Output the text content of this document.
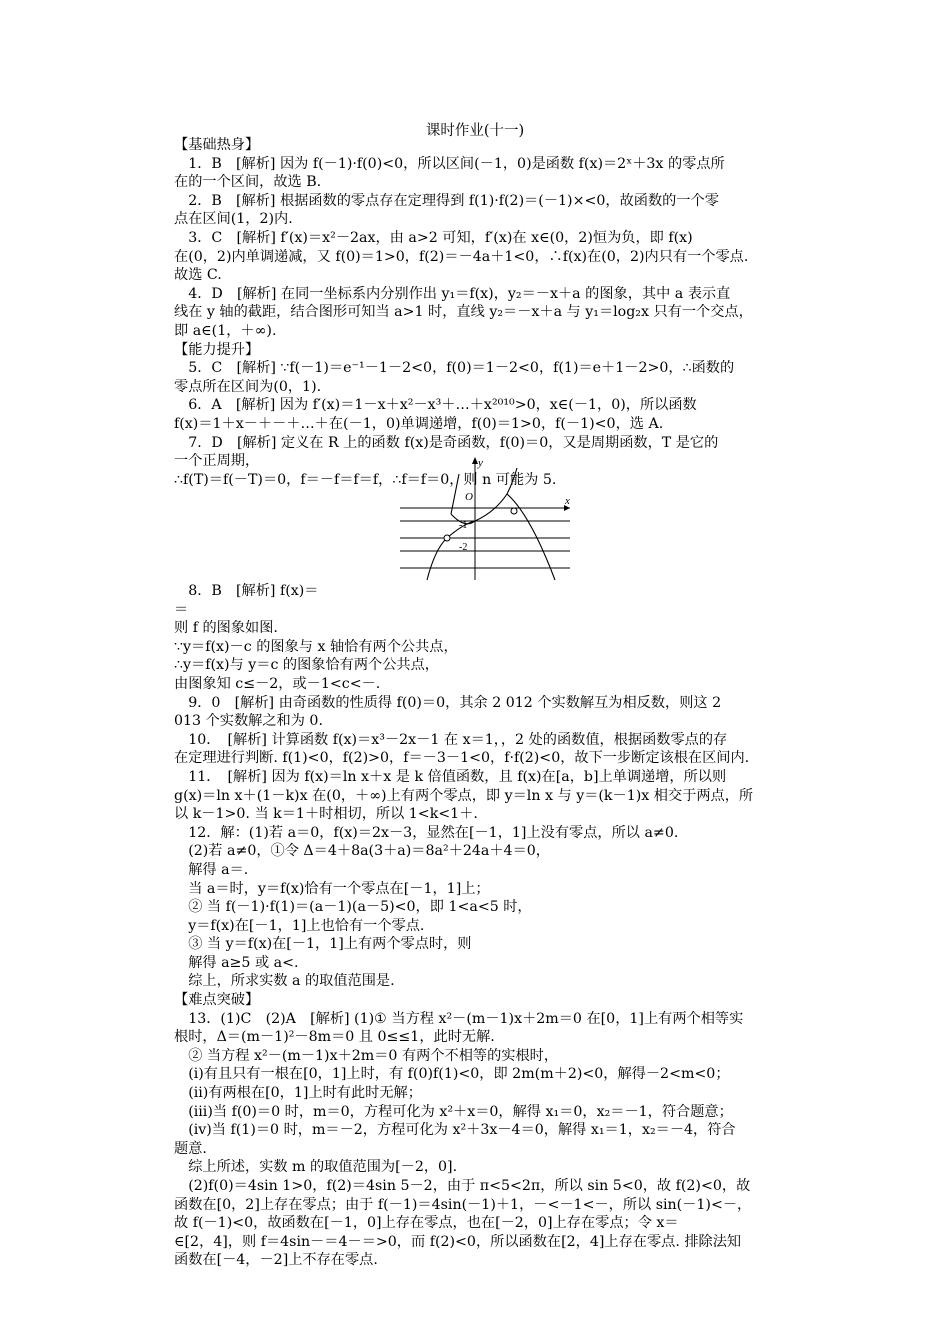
课时作业(十一)
【基础热身】
　1．B　[解析] 因为 f(－1)·f(0)<0，所以区间(－1，0)是函数 f(x)＝2ˣ＋3x 的零点所
在的一个区间，故选 B.
　2．B　[解析] 根据函数的零点存在定理得到 f(1)·f(2)＝(－1)×<0，故函数的一个零
点在区间(1，2)内.
　3．C　[解析] f′(x)＝x²－2ax，由 a>2 可知，f′(x)在 x∈(0，2)恒为负，即 f(x)
在(0，2)内单调递减，又 f(0)＝1>0，f(2)＝－4a＋1<0，∴f(x)在(0，2)内只有一个零点.
故选 C.
　4．D　[解析] 在同一坐标系内分别作出 y₁＝f(x)，y₂＝－x＋a 的图象，其中 a 表示直
线在 y 轴的截距，结合图形可知当 a>1 时，直线 y₂＝－x＋a 与 y₁＝log₂x 只有一个交点，
即 a∈(1，＋∞).
【能力提升】
　5．C　[解析] ∵f(－1)＝e⁻¹－1－2<0，f(0)＝1－2<0，f(1)＝e＋1－2>0，∴函数的
零点所在区间为(0，1).
　6．A　[解析] 因为 f′(x)＝1－x＋x²－x³＋…＋x²⁰¹⁰>0，x∈(－1，0)，所以函数
f(x)＝1＋x－＋－＋…＋在(－1，0)单调递增，f(0)＝1>0，f(－1)<0，选 A.
　7．D　[解析] 定义在 R 上的函数 f(x)是奇函数，f(0)＝0，又是周期函数，T 是它的
一个正周期，
∴f(T)＝f(－T)＝0，f＝－f＝f＝f，∴f＝f＝0，则 n 可能为 5.
y
x
O
-1
-2
　8．B　[解析] f(x)＝
＝
则 f 的图象如图.
∵y＝f(x)－c 的图象与 x 轴恰有两个公共点，
∴y＝f(x)与 y＝c 的图象恰有两个公共点，
由图象知 c≤－2，或－1<c<－.
　9．0　[解析] 由奇函数的性质得 f(0)＝0，其余 2 012 个实数解互为相反数，则这 2
013 个实数解之和为 0.
　10．　[解析] 计算函数 f(x)＝x³－2x－1 在 x＝1，，2 处的函数值，根据函数零点的存
在定理进行判断. f(1)<0，f(2)>0，f＝－3－1<0，f·f(2)<0，故下一步断定该根在区间内.
　11．　[解析] 因为 f(x)＝ln x＋x 是 k 倍值函数，且 f(x)在[a，b]上单调递增，所以则
g(x)＝ln x＋(1－k)x 在(0，＋∞)上有两个零点，即 y＝ln x 与 y＝(k－1)x 相交于两点，所
以 k－1>0. 当 k＝1＋时相切，所以 1<k<1＋.
　12．解：(1)若 a＝0，f(x)＝2x－3，显然在[－1，1]上没有零点，所以 a≠0.
　(2)若 a≠0，①令 Δ＝4＋8a(3＋a)＝8a²＋24a＋4＝0，
　解得 a＝.
　当 a＝时，y＝f(x)恰有一个零点在[－1，1]上；
　② 当 f(－1)·f(1)＝(a－1)(a－5)<0，即 1<a<5 时，
　y＝f(x)在[－1，1]上也恰有一个零点.
　③ 当 y＝f(x)在[－1，1]上有两个零点时，则
　解得 a≥5 或 a<.
　综上，所求实数 a 的取值范围是.
【难点突破】
　13．(1)C　(2)A　[解析] (1)① 当方程 x²－(m－1)x＋2m＝0 在[0，1]上有两个相等实
根时，Δ＝(m－1)²－8m＝0 且 0≤≤1，此时无解.
　② 当方程 x²－(m－1)x＋2m＝0 有两个不相等的实根时，
　(i)有且只有一根在[0，1]上时，有 f(0)f(1)<0，即 2m(m＋2)<0，解得－2<m<0；
　(ii)有两根在[0，1]上时有此时无解；
　(iii)当 f(0)＝0 时，m＝0，方程可化为 x²＋x＝0，解得 x₁＝0，x₂＝－1，符合题意；
　(iv)当 f(1)＝0 时，m＝－2，方程可化为 x²＋3x－4＝0，解得 x₁＝1，x₂＝－4，符合
题意.
　综上所述，实数 m 的取值范围为[－2，0].
　(2)f(0)＝4sin 1>0，f(2)＝4sin 5－2，由于 π<5<2π，所以 sin 5<0，故 f(2)<0，故
函数在[0，2]上存在零点；由于 f(－1)＝4sin(－1)＋1，－<－1<－，所以 sin(－1)<－，
故 f(－1)<0，故函数在[－1，0]上存在零点，也在[－2，0]上存在零点；令 x＝
∈[2，4]，则 f＝4sin－＝4－＝>0，而 f(2)<0，所以函数在[2，4]上存在零点. 排除法知
函数在[－4，－2]上不存在零点.
